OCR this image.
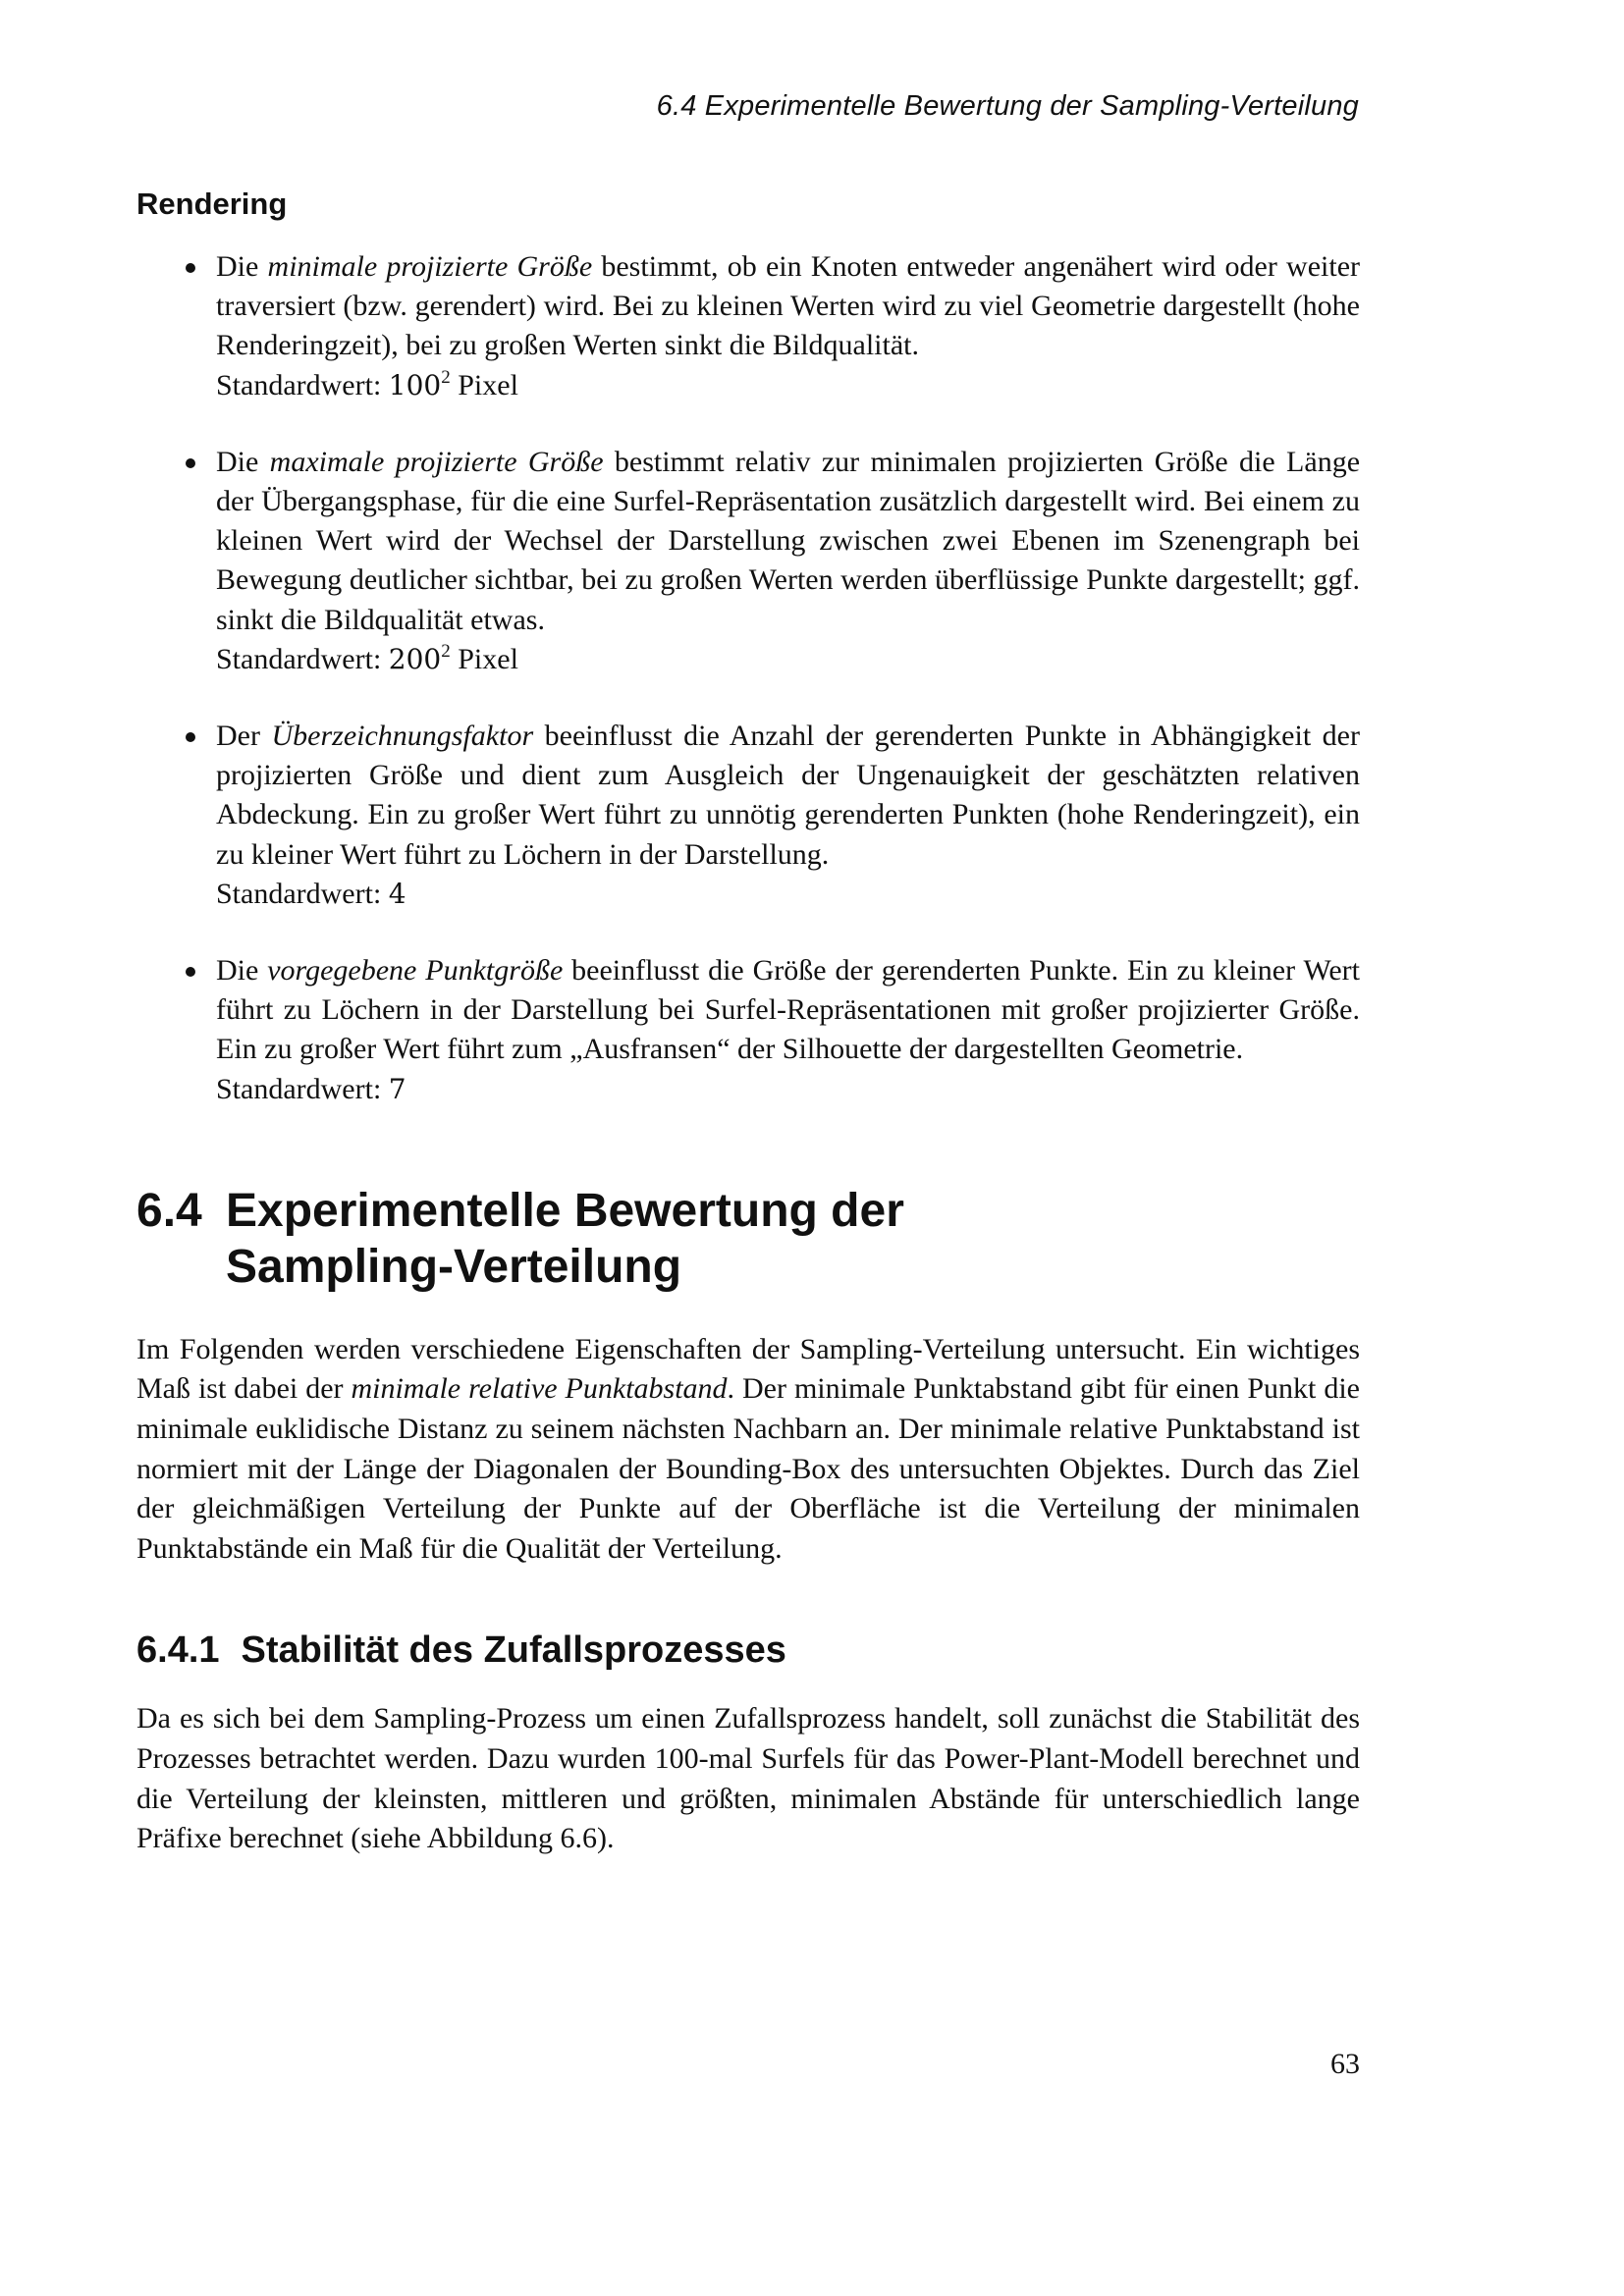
6.4 Experimentelle Bewertung der Sampling-Verteilung
Rendering

Die minimale projizierte Größe bestimmt, ob ein Knoten entweder angenähert wird oder weiter traversiert (bzw. gerendert) wird. Bei zu kleinen Werten wird zu viel Geometrie dargestellt (hohe Renderingzeit), bei zu großen Werten sinkt die Bildqualität.

Standardwert: $100^2$ Pixel

Die maximale projizierte Größe bestimmt relativ zur minimalen projizierten Größe die Länge der Übergangsphase, für die eine Surfel-Repräsentation zusätzlich dargestellt wird. Bei einem zu kleinen Wert wird der Wechsel der Darstellung zwischen zwei Ebenen im Szenengraph bei Bewegung deutlicher sichtbar, bei zu großen Werten werden überflüssige Punkte dargestellt; ggf. sinkt die Bildqualität etwas.

Standardwert: $200^2$ Pixel

Der Überzeichnungsfaktor beeinflusst die Anzahl der gerenderten Punkte in Abhängigkeit der projizierten Größe und dient zum Ausgleich der Ungenauigkeit der geschätzten relativen Abdeckung. Ein zu großer Wert führt zu unnötig gerenderten Punkten (hohe Renderingzeit), ein zu kleiner Wert führt zu Löchern in der Darstellung.

Standardwert: 4

Die vorgegebene Punktgröße beeinflusst die Größe der gerenderten Punkte. Ein zu kleiner Wert führt zu Löchern in der Darstellung bei Surfel-Repräsentationen mit großer projizierter Größe. Ein zu großer Wert führt zum „Ausfransen“ der Silhouette der dargestellten Geometrie.

Standardwert: 7
6.4 Experimentelle Bewertung der
Sampling-Verteilung

Im Folgenden werden verschiedene Eigenschaften der Sampling-Verteilung untersucht. Ein wichtiges Maß ist dabei der minimale relative Punktabstand. Der minimale Punktabstand gibt für einen Punkt die minimale euklidische Distanz zu seinem nächsten Nachbarn an. Der minimale relative Punktabstand ist normiert mit der Länge der Diagonalen der Bounding-Box des untersuchten Objektes. Durch das Ziel der gleichmäßigen Verteilung der Punkte auf der Oberfläche ist die Verteilung der minimalen Punktabstände ein Maß für die Qualität der Verteilung.

6.4.1 Stabilität des Zufallsprozesses

Da es sich bei dem Sampling-Prozess um einen Zufallsprozess handelt, soll zunächst die Stabilität des Prozesses betrachtet werden. Dazu wurden 100-mal Surfels für das Power-Plant-Modell berechnet und die Verteilung der kleinsten, mittleren und größten, minimalen Abstände für unterschiedlich lange Präfixe berechnet (siehe Abbildung 6.6).

63
